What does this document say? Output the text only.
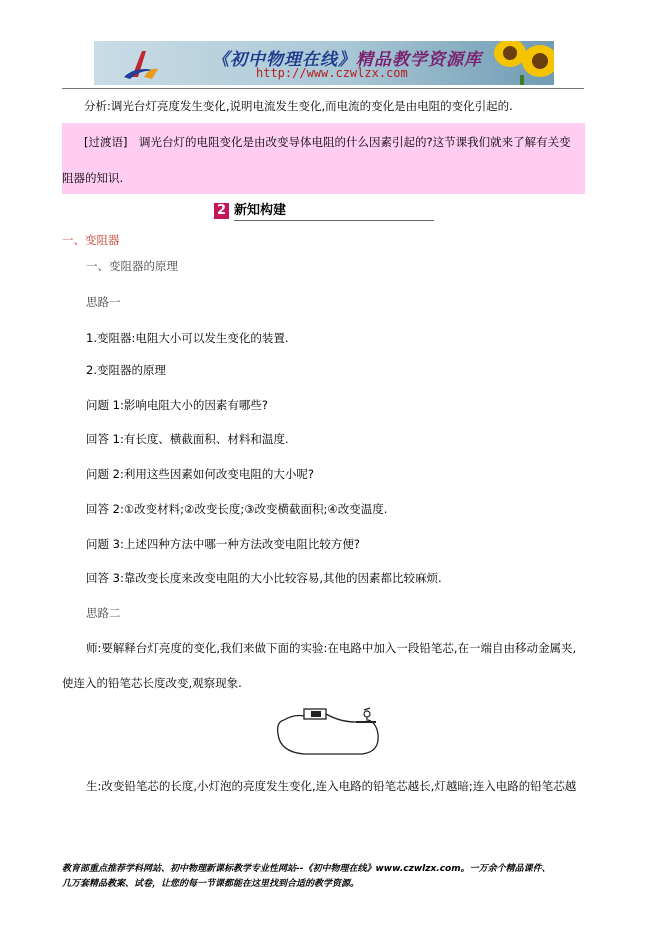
《初中物理在线》精品教学资源库
http://www.czwlzx.com
分析:调光台灯亮度发生变化,说明电流发生变化,而电流的变化是由电阻的变化引起的.
[过渡语]　调光台灯的电阻变化是由改变导体电阻的什么因素引起的?这节课我们就来了解有关变
阻器的知识.
2 新知构建
一、变阻器
一、变阻器的原理
思路一
1.变阻器:电阻大小可以发生变化的装置.
2.变阻器的原理
问题 1:影响电阻大小的因素有哪些?
回答 1:有长度、横截面积、材料和温度.
问题 2:利用这些因素如何改变电阻的大小呢?
回答 2:①改变材料;②改变长度;③改变横截面积;④改变温度.
问题 3:上述四种方法中哪一种方法改变电阻比较方便?
回答 3:靠改变长度来改变电阻的大小比较容易,其他的因素都比较麻烦.
思路二
师:要解释台灯亮度的变化,我们来做下面的实验:在电路中加入一段铅笔芯,在一端自由移动金属夹,
使连入的铅笔芯长度改变,观察现象.
生:改变铅笔芯的长度,小灯泡的亮度发生变化,连入电路的铅笔芯越长,灯越暗;连入电路的铅笔芯越
教育部重点推荐学科网站、初中物理新课标教学专业性网站--《初中物理在线》www.czwlzx.com。一万余个精品课件、
几万套精品教案、试卷，让您的每一节课都能在这里找到合适的教学资源。
